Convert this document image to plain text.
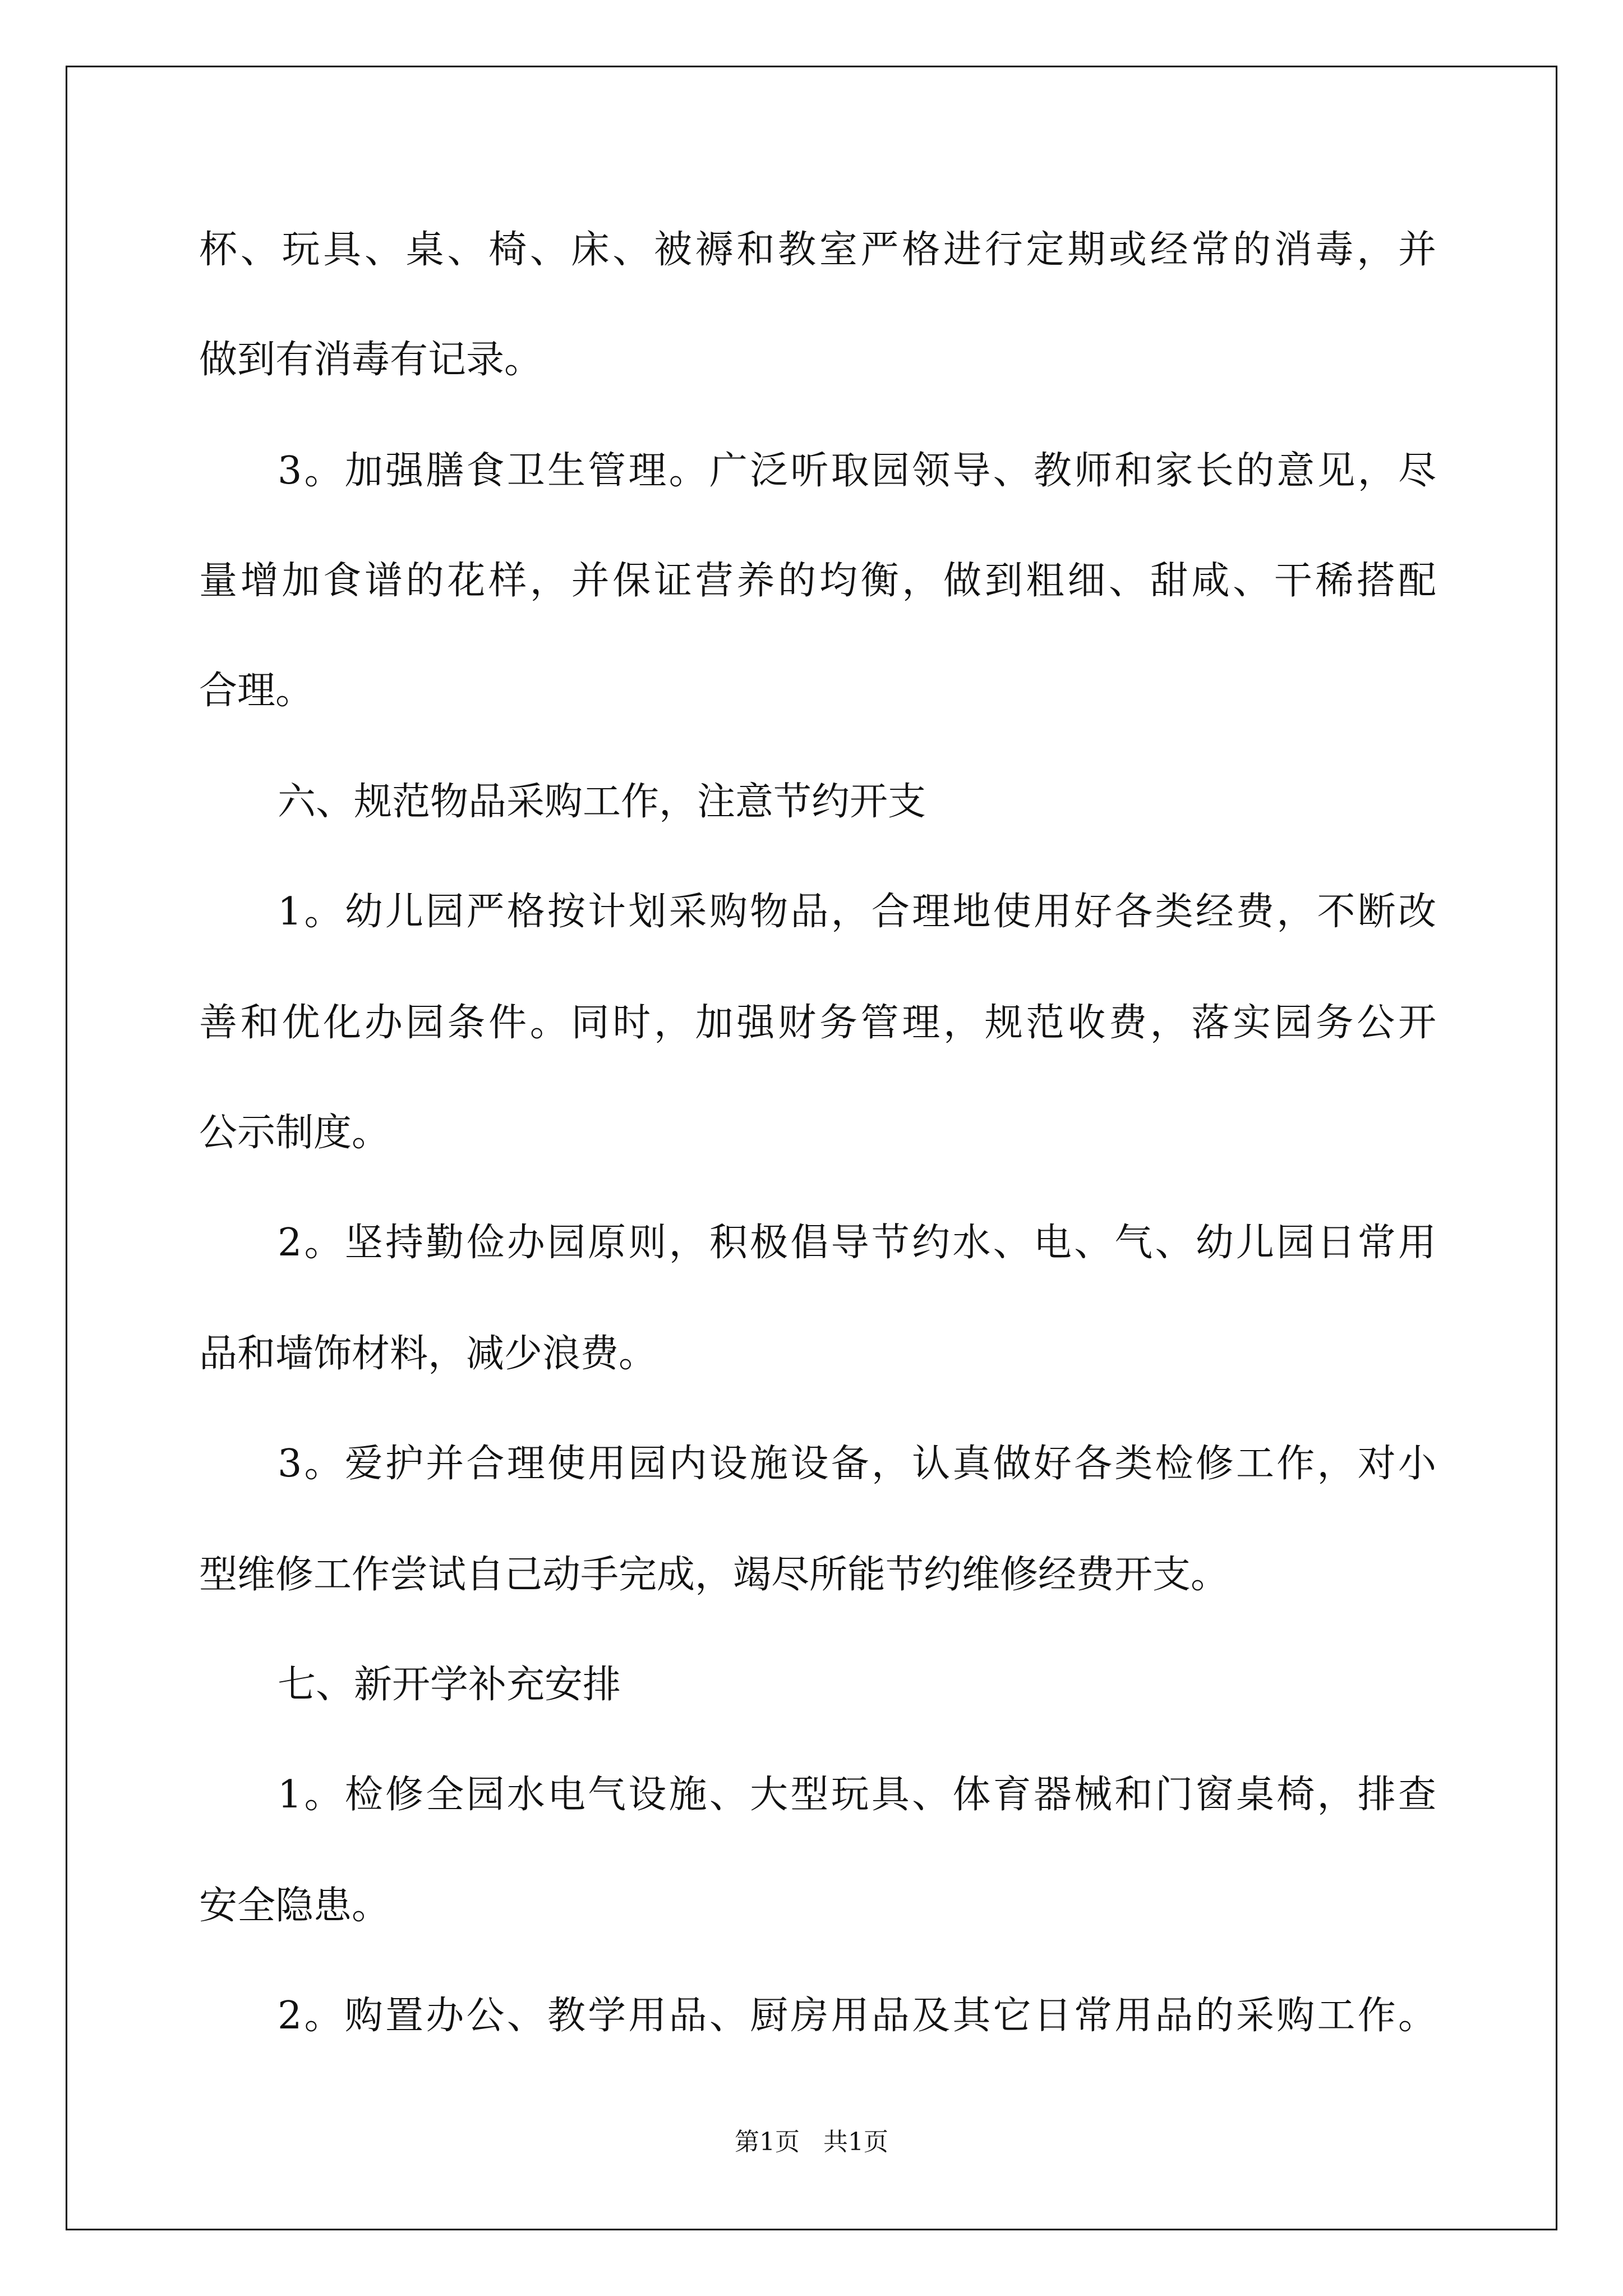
杯、玩具、桌、椅、床、被褥和教室严格进行定期或经常的消毒，并

做到有消毒有记录。

3。加强膳食卫生管理。广泛听取园领导、教师和家长的意见，尽

量增加食谱的花样，并保证营养的均衡，做到粗细、甜咸、干稀搭配

合理。

六、规范物品采购工作，注意节约开支

1。幼儿园严格按计划采购物品，合理地使用好各类经费，不断改

善和优化办园条件。同时，加强财务管理，规范收费，落实园务公开

公示制度。

2。坚持勤俭办园原则，积极倡导节约水、电、气、幼儿园日常用

品和墙饰材料，减少浪费。

3。爱护并合理使用园内设施设备，认真做好各类检修工作，对小

型维修工作尝试自己动手完成，竭尽所能节约维修经费开支。

七、新开学补充安排

1。检修全园水电气设施、大型玩具、体育器械和门窗桌椅，排查

安全隐患。

2。购置办公、教学用品、厨房用品及其它日常用品的采购工作。

第1页   共1页
